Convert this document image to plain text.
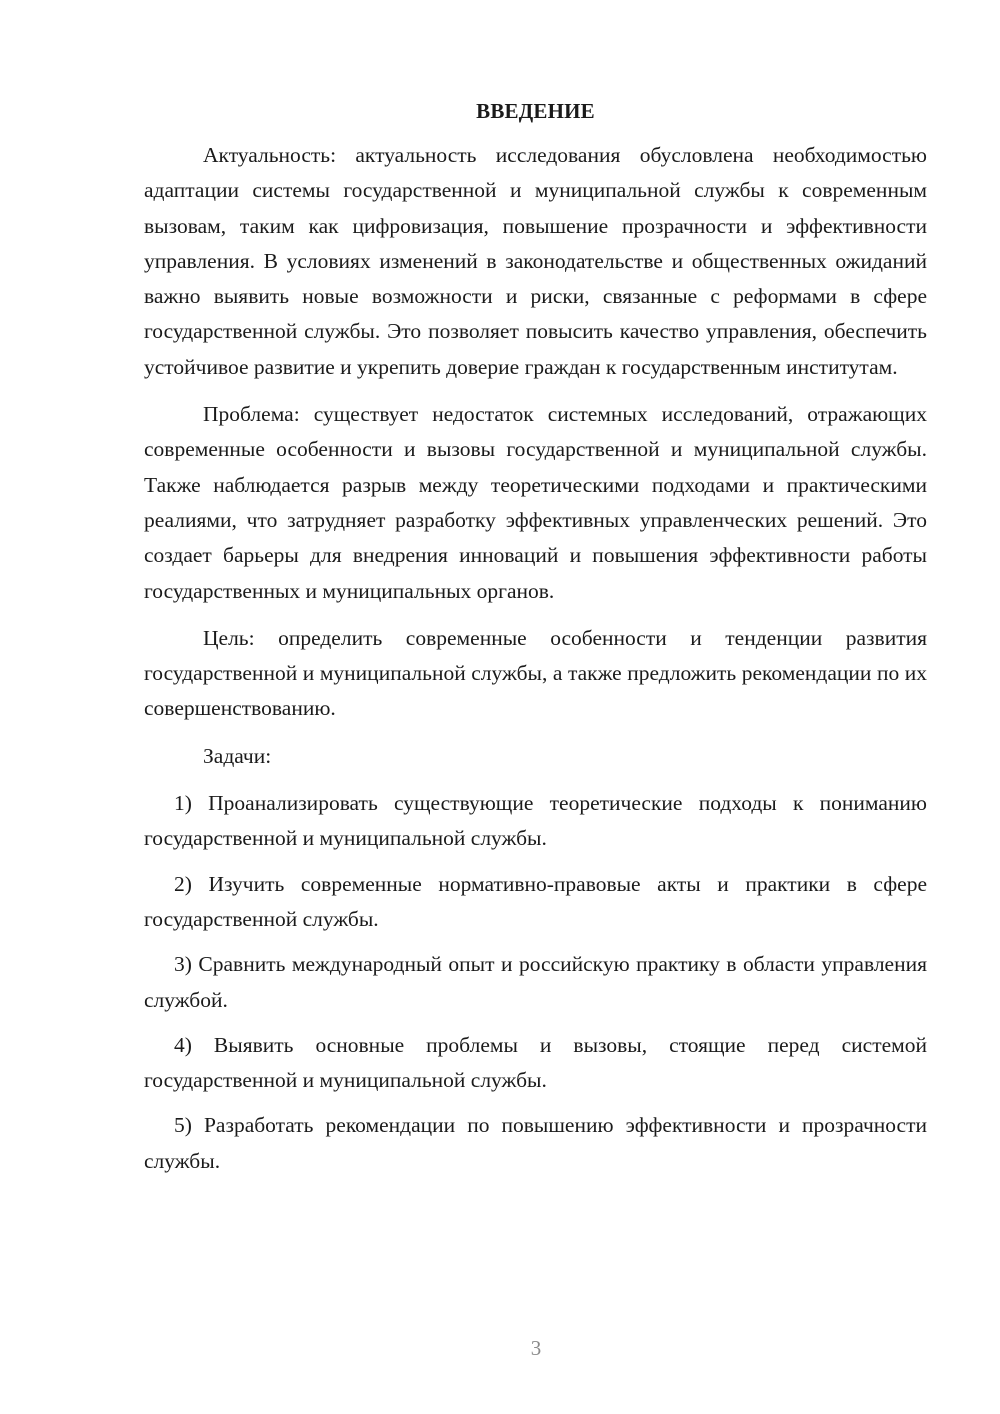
ВВЕДЕНИЕ

Актуальность: актуальность исследования обусловлена необходимостью адаптации системы государственной и муниципальной службы к современным вызовам, таким как цифровизация, повышение прозрачности и эффективности управления. В условиях изменений в законодательстве и общественных ожиданий важно выявить новые возможности и риски, связанные с реформами в сфере государственной службы. Это позволяет повысить качество управления, обеспечить устойчивое развитие и укрепить доверие граждан к государственным институтам.

Проблема: существует недостаток системных исследований, отражающих современные особенности и вызовы государственной и муниципальной службы. Также наблюдается разрыв между теоретическими подходами и практическими реалиями, что затрудняет разработку эффективных управленческих решений. Это создает барьеры для внедрения инноваций и повышения эффективности работы государственных и муниципальных органов.

Цель: определить современные особенности и тенденции развития государственной и муниципальной службы, а также предложить рекомендации по их совершенствованию.

Задачи:

1) Проанализировать существующие теоретические подходы к пониманию государственной и муниципальной службы.

2) Изучить современные нормативно-правовые акты и практики в сфере государственной службы.

3) Сравнить международный опыт и российскую практику в области управления службой.

4) Выявить основные проблемы и вызовы, стоящие перед системой государственной и муниципальной службы.

5) Разработать рекомендации по повышению эффективности и прозрачности службы.

3
